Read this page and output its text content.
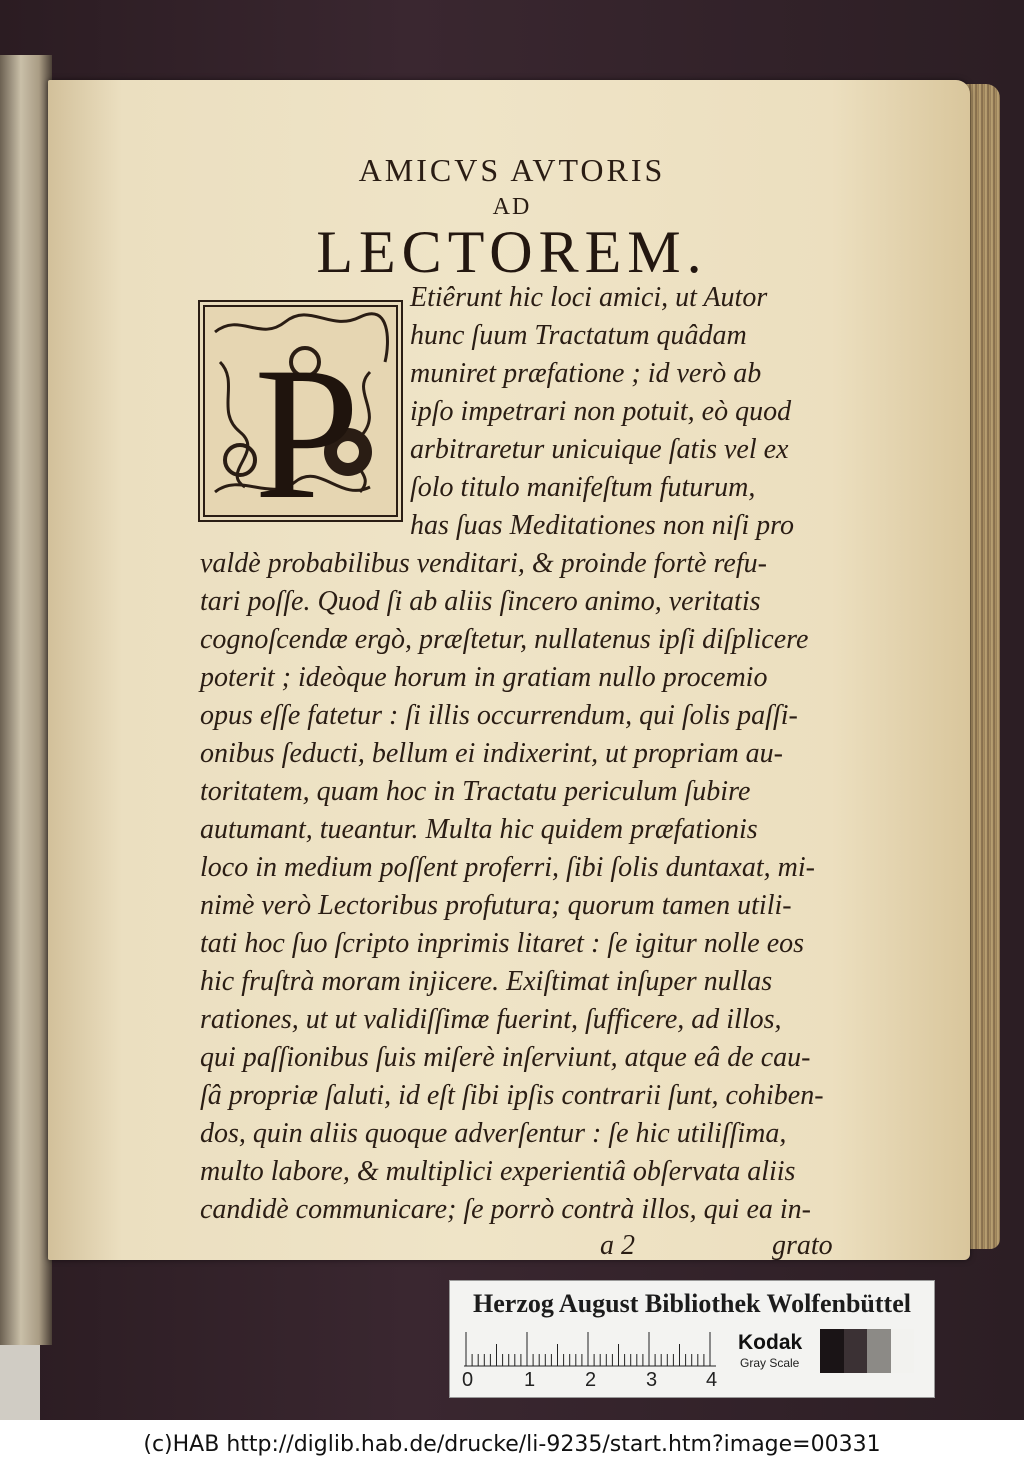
AMICVS AVTORIS
AD
LECTOREM.
P
Etiêrunt hic loci amici, ut Autor
hunc ſuum Tractatum quâdam
muniret præfatione ; id verò ab
ipſo impetrari non potuit, eò quod
arbitraretur unicuique ſatis vel ex
ſolo titulo manifeſtum futurum,
has ſuas Meditationes non niſi pro
valdè probabilibus venditari, & proinde fortè refu-
tari poſſe. Quod ſi ab aliis ſincero animo, veritatis
cognoſcendæ ergò, præſtetur, nullatenus ipſi diſplicere
poterit ; ideòque horum in gratiam nullo procemio
opus eſſe fatetur : ſi illis occurrendum, qui ſolis paſſi-
onibus ſeducti, bellum ei indixerint, ut propriam au-
toritatem, quam hoc in Tractatu periculum ſubire
autumant, tueantur. Multa hic quidem præfationis
loco in medium poſſent proferri, ſibi ſolis duntaxat, mi-
nimè verò Lectoribus profutura; quorum tamen utili-
tati hoc ſuo ſcripto inprimis litaret : ſe igitur nolle eos
hic fruſtrà moram injicere. Exiſtimat inſuper nullas
rationes, ut ut validiſſimæ fuerint, ſufficere, ad illos,
qui paſſionibus ſuis miſerè inſerviunt, atque eâ de cau-
ſâ propriæ ſaluti, id eſt ſibi ipſis contrarii ſunt, cohiben-
dos, quin aliis quoque adverſentur : ſe hic utiliſſima,
multo labore, & multiplici experientiâ obſervata aliis
candidè communicare; ſe porrò contrà illos, qui ea in-
a 2	grato
Herzog August Bibliothek Wolfenbüttel
0	1 2 3 4
Kodak
Gray Scale
(c)HAB http://diglib.hab.de/drucke/li-9235/start.htm?image=00331
